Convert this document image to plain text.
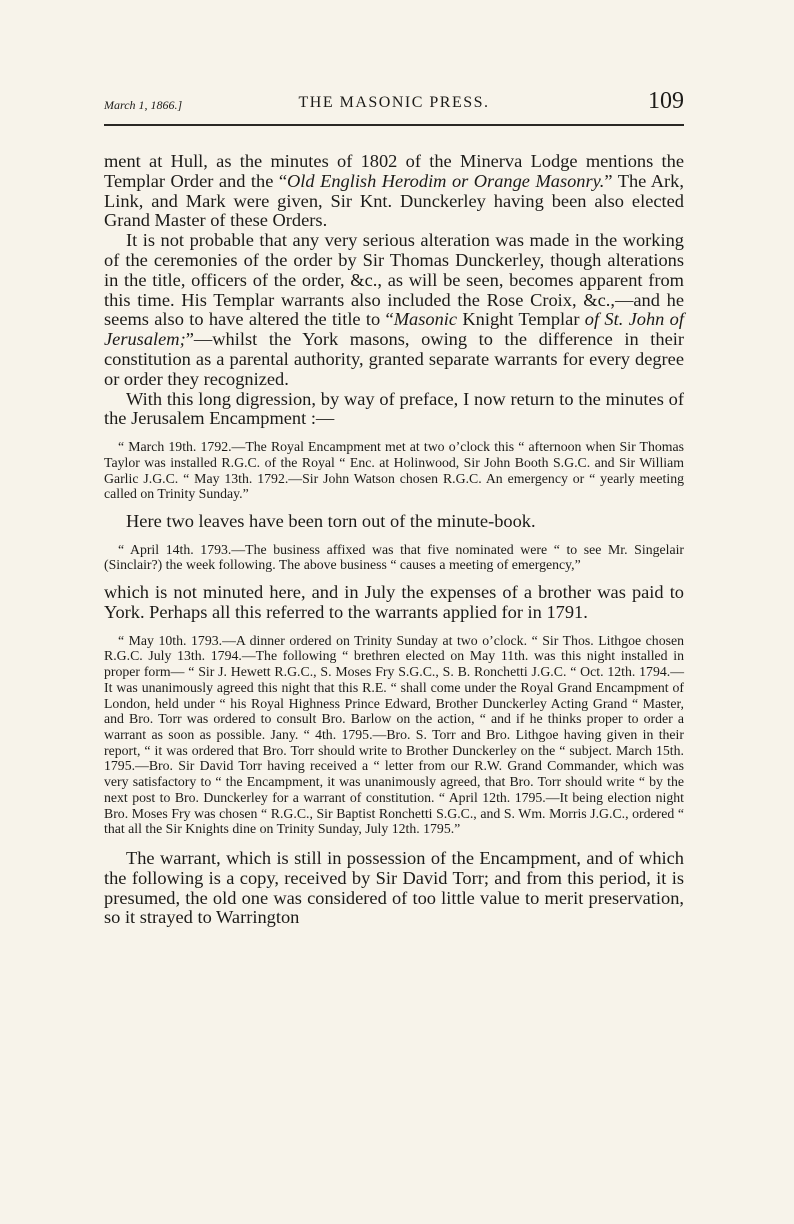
March 1, 1866.]	THE MASONIC PRESS.	109

ment at Hull, as the minutes of 1802 of the Minerva Lodge mentions the Templar Order and the “Old English Herodim or Orange Masonry.” The Ark, Link, and Mark were given, Sir Knt. Dunckerley having been also elected Grand Master of these Orders.

It is not probable that any very serious alteration was made in the working of the ceremonies of the order by Sir Thomas Dunckerley, though alterations in the title, officers of the order, &c., as will be seen, becomes apparent from this time. His Templar warrants also included the Rose Croix, &c.,—and he seems also to have altered the title to “Masonic Knight Templar of St. John of Jerusalem;”—whilst the York masons, owing to the difference in their constitution as a parental authority, granted separate warrants for every degree or order they recognized.

With this long digression, by way of preface, I now return to the minutes of the Jerusalem Encampment :—

“ March 19th. 1792.—The Royal Encampment met at two o’clock this “ afternoon when Sir Thomas Taylor was installed R.G.C. of the Royal “ Enc. at Holinwood, Sir John Booth S.G.C. and Sir William Garlic J.G.C. “ May 13th. 1792.—Sir John Watson chosen R.G.C. An emergency or “ yearly meeting called on Trinity Sunday.”

Here two leaves have been torn out of the minute-book.

“ April 14th. 1793.—The business affixed was that five nominated were “ to see Mr. Singelair (Sinclair?) the week following. The above business “ causes a meeting of emergency,”

which is not minuted here, and in July the expenses of a brother was paid to York. Perhaps all this referred to the warrants applied for in 1791.

“ May 10th. 1793.—A dinner ordered on Trinity Sunday at two o’clock. “ Sir Thos. Lithgoe chosen R.G.C. July 13th. 1794.—The following “ brethren elected on May 11th. was this night installed in proper form— “ Sir J. Hewett R.G.C., S. Moses Fry S.G.C., S. B. Ronchetti J.G.C. “ Oct. 12th. 1794.—It was unanimously agreed this night that this R.E. “ shall come under the Royal Grand Encampment of London, held under “ his Royal Highness Prince Edward, Brother Dunckerley Acting Grand “ Master, and Bro. Torr was ordered to consult Bro. Barlow on the action, “ and if he thinks proper to order a warrant as soon as possible. Jany. “ 4th. 1795.—Bro. S. Torr and Bro. Lithgoe having given in their report, “ it was ordered that Bro. Torr should write to Brother Dunckerley on the “ subject. March 15th. 1795.—Bro. Sir David Torr having received a “ letter from our R.W. Grand Commander, which was very satisfactory to “ the Encampment, it was unanimously agreed, that Bro. Torr should write “ by the next post to Bro. Dunckerley for a warrant of constitution. “ April 12th. 1795.—It being election night Bro. Moses Fry was chosen “ R.G.C., Sir Baptist Ronchetti S.G.C., and S. Wm. Morris J.G.C., ordered “ that all the Sir Knights dine on Trinity Sunday, July 12th. 1795.”

The warrant, which is still in possession of the Encampment, and of which the following is a copy, received by Sir David Torr; and from this period, it is presumed, the old one was considered of too little value to merit preservation, so it strayed to Warrington
